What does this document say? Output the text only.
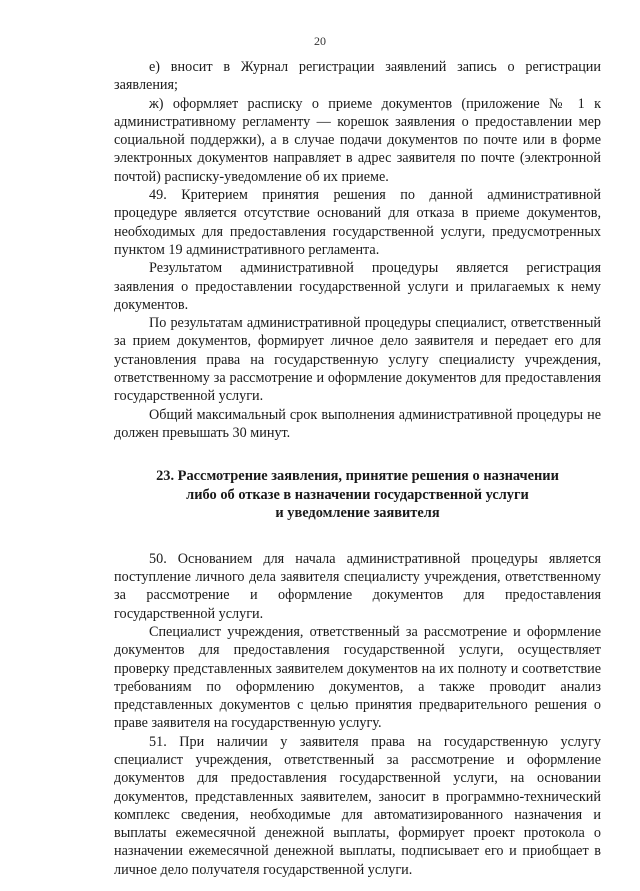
20

е) вносит в Журнал регистрации заявлений запись о регистрации заявления;

ж) оформляет расписку о приеме документов (приложение № 1 к административному регламенту — корешок заявления о предоставлении мер социальной поддержки), а в случае подачи документов по почте или в форме электронных документов направляет в адрес заявителя по почте (электронной почтой) расписку-уведомление об их приеме.

49. Критерием принятия решения по данной административной процедуре является отсутствие оснований для отказа в приеме документов, необходимых для предоставления государственной услуги, предусмотренных пунктом 19 административного регламента.

Результатом административной процедуры является регистрация заявления о предоставлении государственной услуги и прилагаемых к нему документов.

По результатам административной процедуры специалист, ответственный за прием документов, формирует личное дело заявителя и передает его для установления права на государственную услугу специалисту учреждения, ответственному за рассмотрение и оформление документов для предоставления государственной услуги.

Общий максимальный срок выполнения административной процедуры не должен превышать 30 минут.

23. Рассмотрение заявления, принятие решения о назначении
либо об отказе в назначении государственной услуги
и уведомление заявителя

50. Основанием для начала административной процедуры является поступление личного дела заявителя специалисту учреждения, ответственному за рассмотрение и оформление документов для предоставления государственной услуги.

Специалист учреждения, ответственный за рассмотрение и оформление документов для предоставления государственной услуги, осуществляет проверку представленных заявителем документов на их полноту и соответствие требованиям по оформлению документов, а также проводит анализ представленных документов с целью принятия предварительного решения о праве заявителя на государственную услугу.

51. При наличии у заявителя права на государственную услугу специалист учреждения, ответственный за рассмотрение и оформление документов для предоставления государственной услуги, на основании документов, представленных заявителем, заносит в программно-технический комплекс сведения, необходимые для автоматизированного назначения и выплаты ежемесячной денежной выплаты, формирует проект протокола о назначении ежемесячной денежной выплаты, подписывает его и приобщает в личное дело получателя государственной услуги.
